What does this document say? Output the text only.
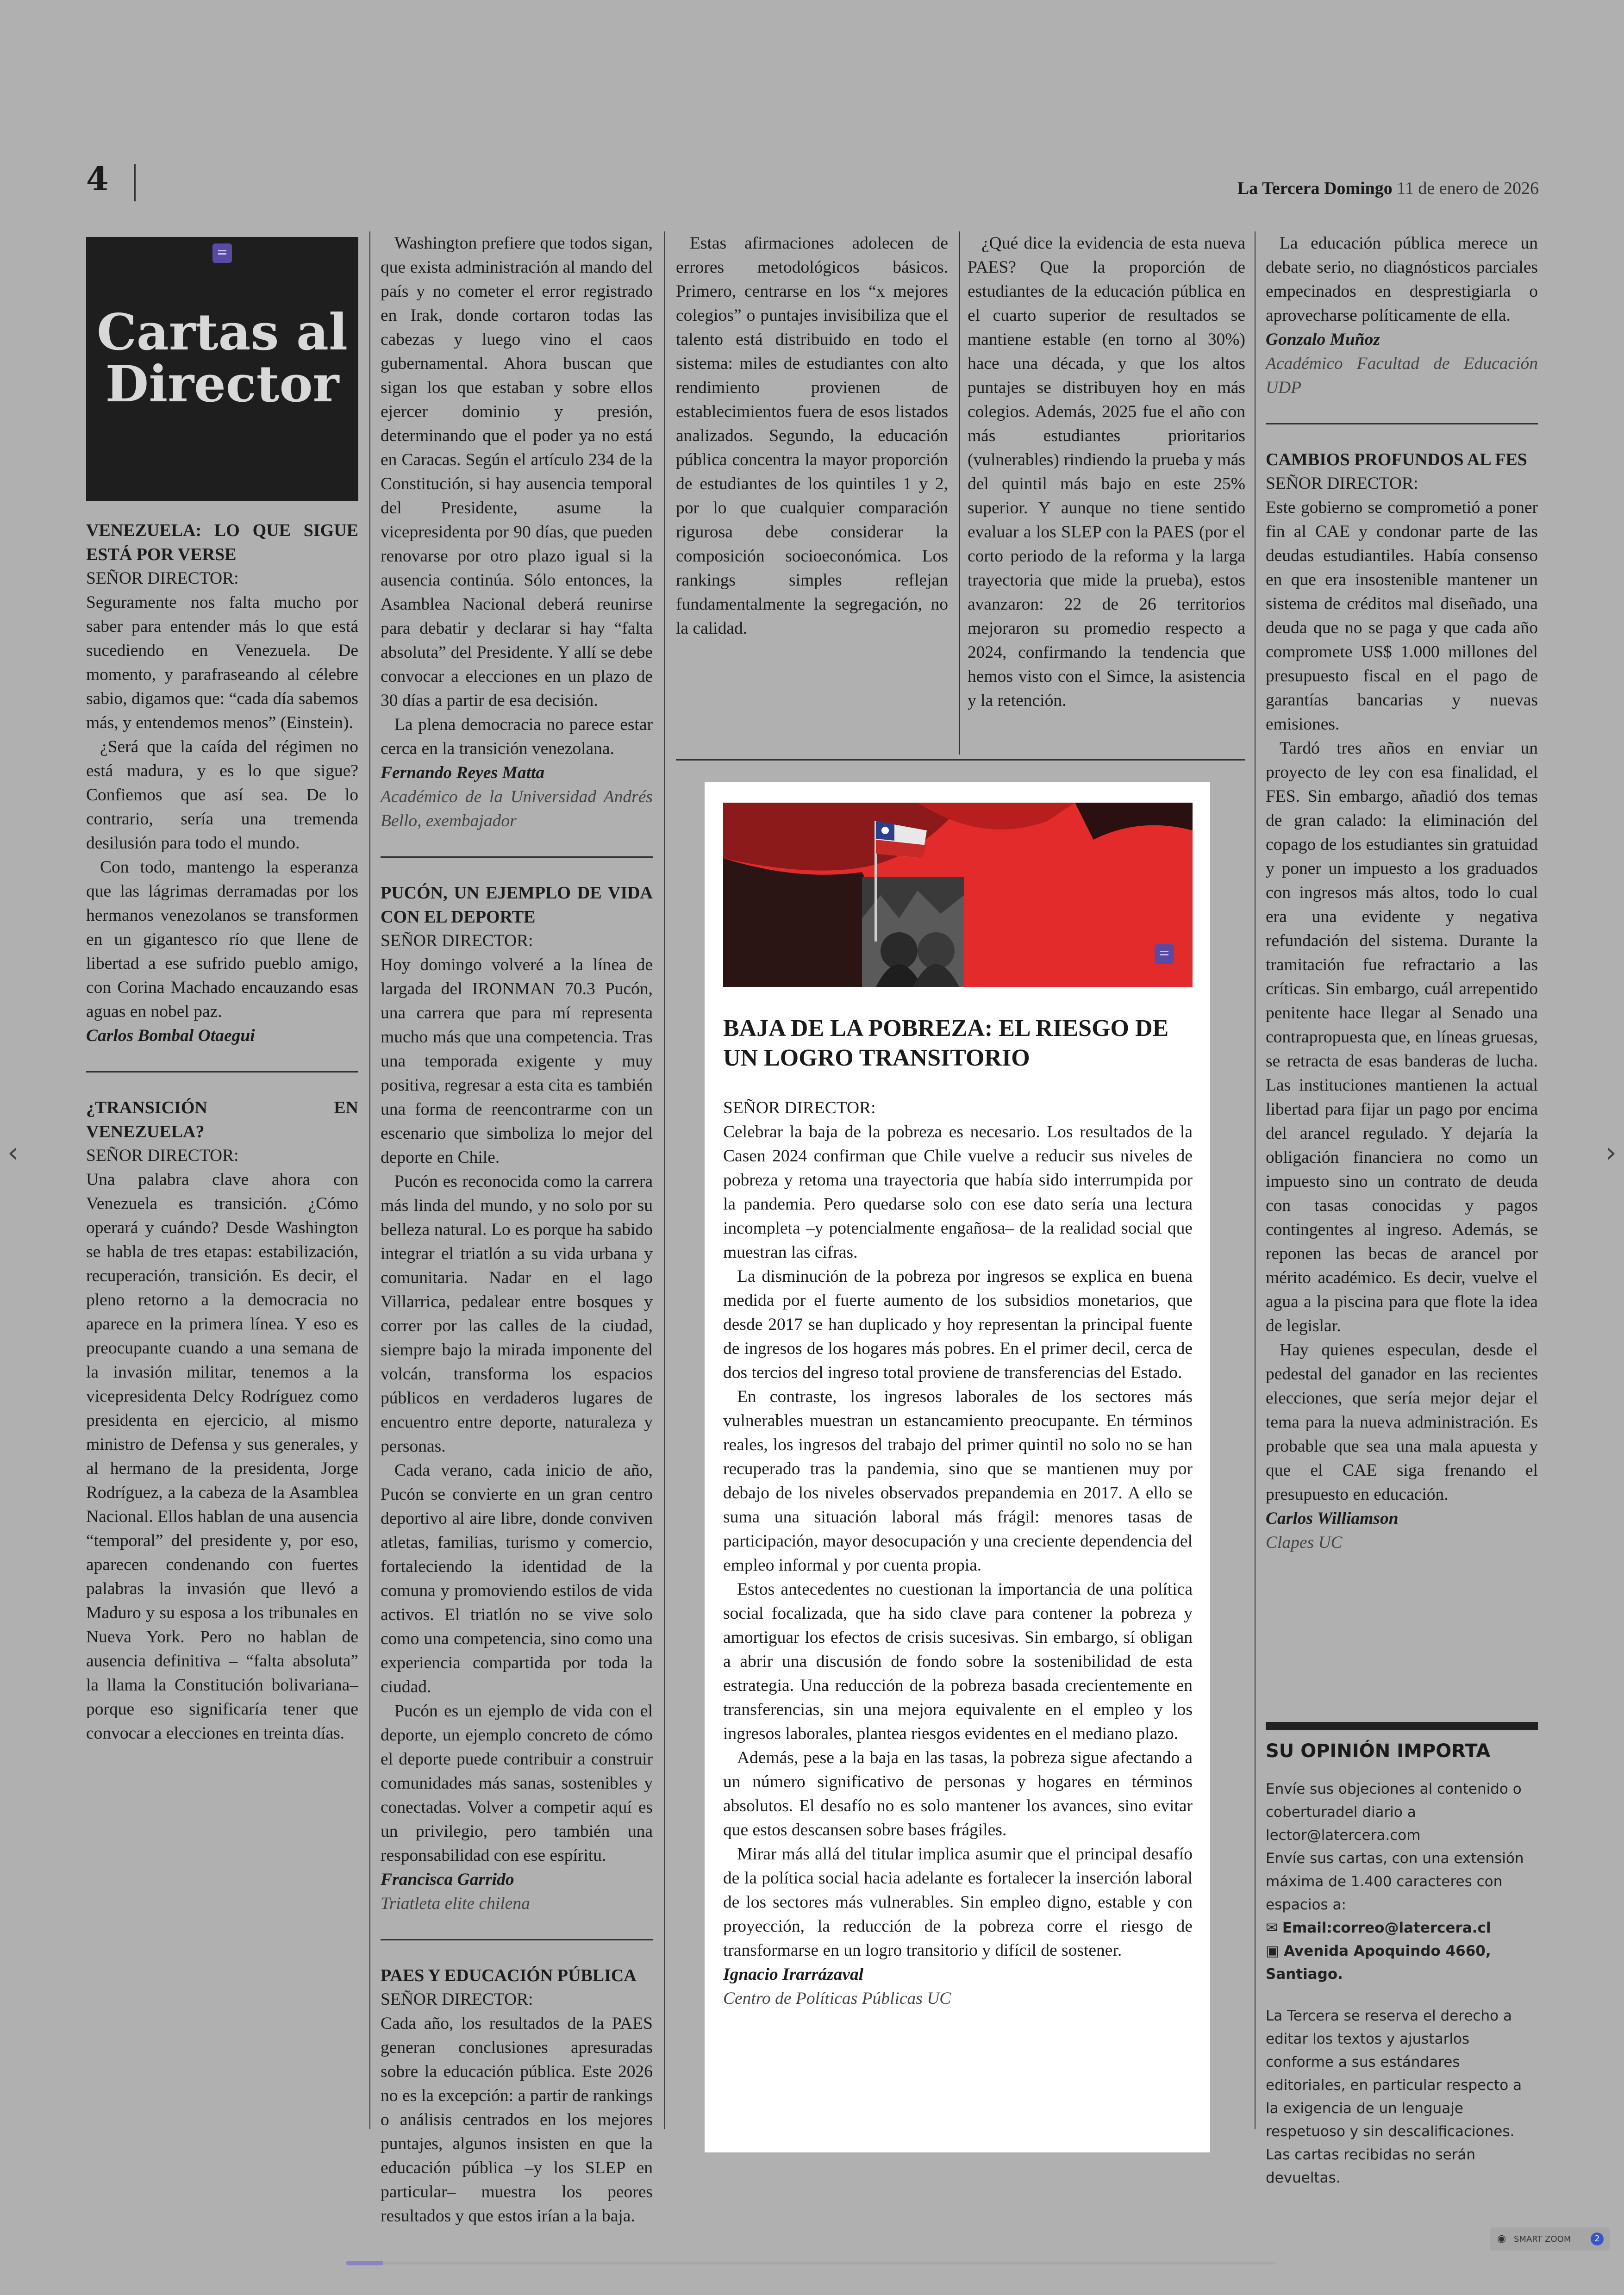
4	La Tercera Domingo 11 de enero de 2026
Cartas al Director
VENEZUELA: LO QUE SIGUE ESTÁ POR VERSE

SEÑOR DIRECTOR:

Seguramente nos falta mucho por saber para entender más lo que está sucediendo en Venezuela. De momento, y parafraseando al célebre sabio, digamos que: “cada día sabemos más, y entendemos menos” (Einstein).

¿Será que la caída del régimen no está madura, y es lo que sigue? Confiemos que así sea. De lo contrario, sería una tremenda desilusión para todo el mundo.

Con todo, mantengo la esperanza que las lágrimas derramadas por los hermanos venezolanos se transformen en un gigantesco río que llene de libertad a ese sufrido pueblo amigo, con Corina Machado encauzando esas aguas en nobel paz.

Carlos Bombal Otaegui

¿TRANSICIÓN EN VENEZUELA?

SEÑOR DIRECTOR:

Una palabra clave ahora con Venezuela es transición. ¿Cómo operará y cuándo? Desde Washington se habla de tres etapas: estabilización, recuperación, transición. Es decir, el pleno retorno a la democracia no aparece en la primera línea. Y eso es preocupante cuando a una semana de la invasión militar, tenemos a la vicepresidenta Delcy Rodríguez como presidenta en ejercicio, al mismo ministro de Defensa y sus generales, y al hermano de la presidenta, Jorge Rodríguez, a la cabeza de la Asamblea Nacional. Ellos hablan de una ausencia “temporal” del presidente y, por eso, aparecen condenando con fuertes palabras la invasión que llevó a Maduro y su esposa a los tribunales en Nueva York. Pero no hablan de ausencia definitiva – “falta absoluta” la llama la Constitución bolivariana– porque eso significaría tener que convocar a elecciones en treinta días.

Washington prefiere que todos sigan, que exista administración al mando del país y no cometer el error registrado en Irak, donde cortaron todas las cabezas y luego vino el caos gubernamental. Ahora buscan que sigan los que estaban y sobre ellos ejercer dominio y presión, determinando que el poder ya no está en Caracas. Según el artículo 234 de la Constitución, si hay ausencia temporal del Presidente, asume la vicepresidenta por 90 días, que pueden renovarse por otro plazo igual si la ausencia continúa. Sólo entonces, la Asamblea Nacional deberá reunirse para debatir y declarar si hay “falta absoluta” del Presidente. Y allí se debe convocar a elecciones en un plazo de 30 días a partir de esa decisión.

La plena democracia no parece estar cerca en la transición venezolana.

Fernando Reyes Matta

Académico de la Universidad Andrés Bello, exembajador

PUCÓN, UN EJEMPLO DE VIDA CON EL DEPORTE

SEÑOR DIRECTOR:

Hoy domingo volveré a la línea de largada del IRONMAN 70.3 Pucón, una carrera que para mí representa mucho más que una competencia. Tras una temporada exigente y muy positiva, regresar a esta cita es también una forma de reencontrarme con un escenario que simboliza lo mejor del deporte en Chile.

Pucón es reconocida como la carrera más linda del mundo, y no solo por su belleza natural. Lo es porque ha sabido integrar el triatlón a su vida urbana y comunitaria. Nadar en el lago Villarrica, pedalear entre bosques y correr por las calles de la ciudad, siempre bajo la mirada imponente del volcán, transforma los espacios públicos en verdaderos lugares de encuentro entre deporte, naturaleza y personas.

Cada verano, cada inicio de año, Pucón se convierte en un gran centro deportivo al aire libre, donde conviven atletas, familias, turismo y comercio, fortaleciendo la identidad de la comuna y promoviendo estilos de vida activos. El triatlón no se vive solo como una competencia, sino como una experiencia compartida por toda la ciudad.

Pucón es un ejemplo de vida con el deporte, un ejemplo concreto de cómo el deporte puede contribuir a construir comunidades más sanas, sostenibles y conectadas. Volver a competir aquí es un privilegio, pero también una responsabilidad con ese espíritu.

Francisca Garrido

Triatleta elite chilena

PAES Y EDUCACIÓN PÚBLICA

SEÑOR DIRECTOR:

Cada año, los resultados de la PAES generan conclusiones apresuradas sobre la educación pública. Este 2026 no es la excepción: a partir de rankings o análisis centrados en los mejores puntajes, algunos insisten en que la educación pública –y los SLEP en particular– muestra los peores resultados y que estos irían a la baja.

Estas afirmaciones adolecen de errores metodológicos básicos. Primero, centrarse en los “x mejores colegios” o puntajes invisibiliza que el talento está distribuido en todo el sistema: miles de estudiantes con alto rendimiento provienen de establecimientos fuera de esos listados analizados. Segundo, la educación pública concentra la mayor proporción de estudiantes de los quintiles 1 y 2, por lo que cualquier comparación rigurosa debe considerar la composición socioeconómica. Los rankings simples reflejan fundamentalmente la segregación, no la calidad.

¿Qué dice la evidencia de esta nueva PAES? Que la proporción de estudiantes de la educación pública en el cuarto superior de resultados se mantiene estable (en torno al 30%) hace una década, y que los altos puntajes se distribuyen hoy en más colegios. Además, 2025 fue el año con más estudiantes prioritarios (vulnerables) rindiendo la prueba y más del quintil más bajo en este 25% superior. Y aunque no tiene sentido evaluar a los SLEP con la PAES (por el corto periodo de la reforma y la larga trayectoria que mide la prueba), estos avanzaron: 22 de 26 territorios mejoraron su promedio respecto a 2024, confirmando la tendencia que hemos visto con el Simce, la asistencia y la retención.

La educación pública merece un debate serio, no diagnósticos parciales empecinados en desprestigiarla o aprovecharse políticamente de ella.

Gonzalo Muñoz

Académico Facultad de Educación UDP

CAMBIOS PROFUNDOS AL FES

SEÑOR DIRECTOR:

Este gobierno se comprometió a poner fin al CAE y condonar parte de las deudas estudiantiles. Había consenso en que era insostenible mantener un sistema de créditos mal diseñado, una deuda que no se paga y que cada año compromete US$ 1.000 millones del presupuesto fiscal en el pago de garantías bancarias y nuevas emisiones.

Tardó tres años en enviar un proyecto de ley con esa finalidad, el FES. Sin embargo, añadió dos temas de gran calado: la eliminación del copago de los estudiantes sin gratuidad y poner un impuesto a los graduados con ingresos más altos, todo lo cual era una evidente y negativa refundación del sistema. Durante la tramitación fue refractario a las críticas. Sin embargo, cuál arrepentido penitente hace llegar al Senado una contrapropuesta que, en líneas gruesas, se retracta de esas banderas de lucha. Las instituciones mantienen la actual libertad para fijar un pago por encima del arancel regulado. Y dejaría la obligación financiera no como un impuesto sino un contrato de deuda con tasas conocidas y pagos contingentes al ingreso. Además, se reponen las becas de arancel por mérito académico. Es decir, vuelve el agua a la piscina para que flote la idea de legislar.

Hay quienes especulan, desde el pedestal del ganador en las recientes elecciones, que sería mejor dejar el tema para la nueva administración. Es probable que sea una mala apuesta y que el CAE siga frenando el presupuesto en educación.

Carlos Williamson

Clapes UC

BAJA DE LA POBREZA: EL RIESGO DE UN LOGRO TRANSITORIO

SEÑOR DIRECTOR:

Celebrar la baja de la pobreza es necesario. Los resultados de la Casen 2024 confirman que Chile vuelve a reducir sus niveles de pobreza y retoma una trayectoria que había sido interrumpida por la pandemia. Pero quedarse solo con ese dato sería una lectura incompleta –y potencialmente engañosa– de la realidad social que muestran las cifras.

La disminución de la pobreza por ingresos se explica en buena medida por el fuerte aumento de los subsidios monetarios, que desde 2017 se han duplicado y hoy representan la principal fuente de ingresos de los hogares más pobres. En el primer decil, cerca de dos tercios del ingreso total proviene de transferencias del Estado.

En contraste, los ingresos laborales de los sectores más vulnerables muestran un estancamiento preocupante. En términos reales, los ingresos del trabajo del primer quintil no solo no se han recuperado tras la pandemia, sino que se mantienen muy por debajo de los niveles observados prepandemia en 2017. A ello se suma una situación laboral más frágil: menores tasas de participación, mayor desocupación y una creciente dependencia del empleo informal y por cuenta propia.

Estos antecedentes no cuestionan la importancia de una política social focalizada, que ha sido clave para contener la pobreza y amortiguar los efectos de crisis sucesivas. Sin embargo, sí obligan a abrir una discusión de fondo sobre la sostenibilidad de esta estrategia. Una reducción de la pobreza basada crecientemente en transferencias, sin una mejora equivalente en el empleo y los ingresos laborales, plantea riesgos evidentes en el mediano plazo.

Además, pese a la baja en las tasas, la pobreza sigue afectando a un número significativo de personas y hogares en términos absolutos. El desafío no es solo mantener los avances, sino evitar que estos descansen sobre bases frágiles.

Mirar más allá del titular implica asumir que el principal desafío de la política social hacia adelante es fortalecer la inserción laboral de los sectores más vulnerables. Sin empleo digno, estable y con proyección, la reducción de la pobreza corre el riesgo de transformarse en un logro transitorio y difícil de sostener.

Ignacio Irarrázaval

Centro de Políticas Públicas UC

SU OPINIÓN IMPORTA
Envíe sus objeciones al contenido o coberturadel diario a lector@latercera.com
Envíe sus cartas, con una extensión máxima de 1.400 caracteres con espacios a:
✉ Email:correo@latercera.cl
▣ Avenida Apoquindo 4660, Santiago.
La Tercera se reserva el derecho a editar los textos y ajustarlos conforme a sus estándares editoriales, en particular respecto a la exigencia de un lenguaje respetuoso y sin descalificaciones. Las cartas recibidas no serán devueltas.
‹	›
◉ SMART ZOOM	2
